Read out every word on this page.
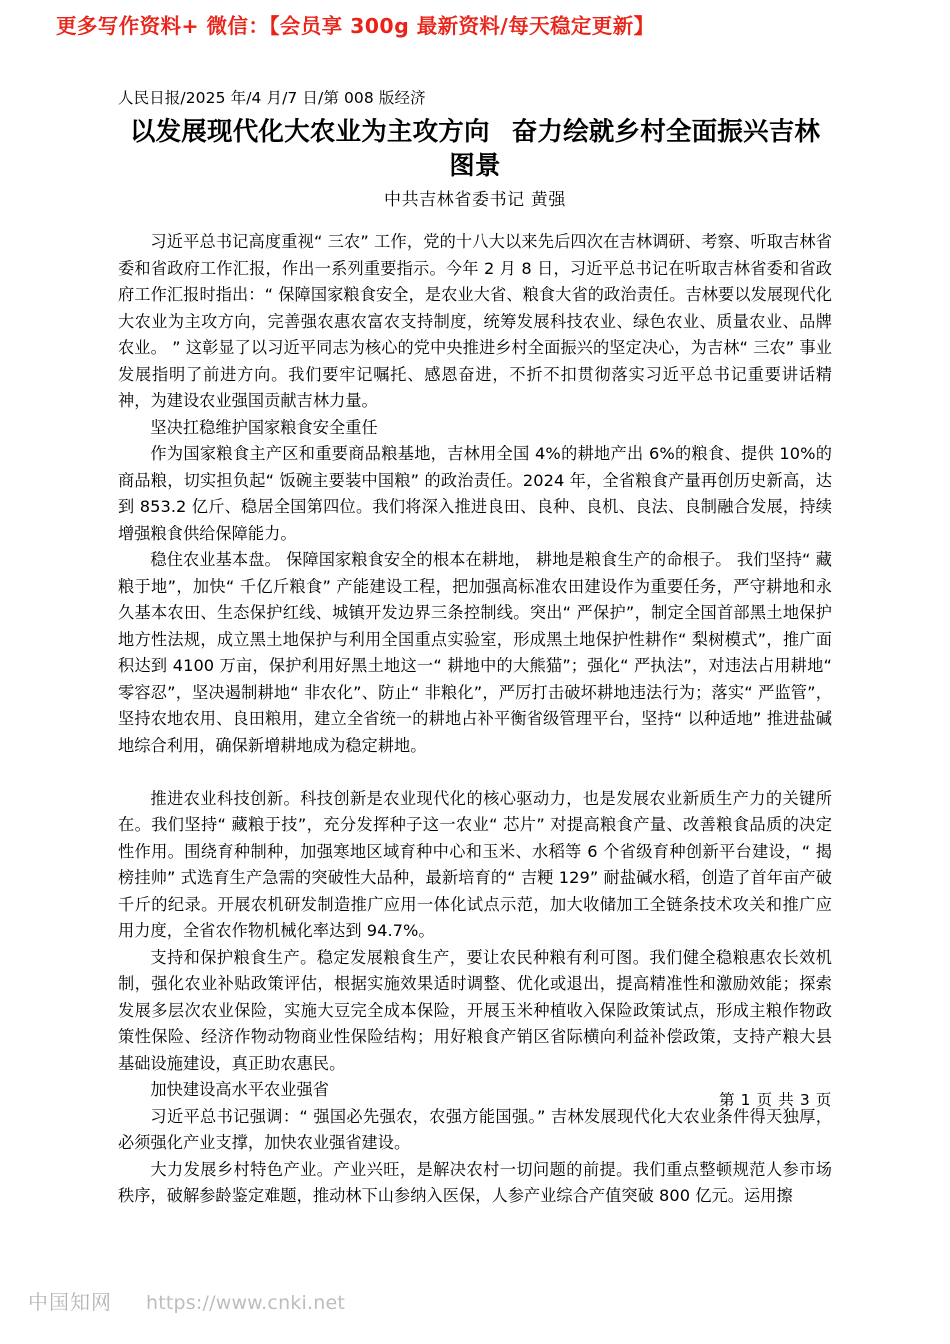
更多写作资料+ 微信：【会员享 300g 最新资料/每天稳定更新】
人民日报/2025 年/4 月/7 日/第 008 版经济
以发展现代化大农业为主攻方向 奋力绘就乡村全面振兴吉林图景
中共吉林省委书记 黄强

习近平总书记高度重视“ 三农” 工作，党的十八大以来先后四次在吉林调研、考察、听取吉林省委和省政府工作汇报，作出一系列重要指示。今年 2 月 8 日，习近平总书记在听取吉林省委和省政府工作汇报时指出：“ 保障国家粮食安全，是农业大省、粮食大省的政治责任。吉林要以发展现代化大农业为主攻方向，完善强农惠农富农支持制度，统筹发展科技农业、绿色农业、质量农业、品牌农业。 ” 这彰显了以习近平同志为核心的党中央推进乡村全面振兴的坚定决心，为吉林“ 三农” 事业发展指明了前进方向。我们要牢记嘱托、感恩奋进，不折不扣贯彻落实习近平总书记重要讲话精神，为建设农业强国贡献吉林力量。

坚决扛稳维护国家粮食安全重任

作为国家粮食主产区和重要商品粮基地，吉林用全国 4%的耕地产出 6%的粮食、提供 10%的商品粮，切实担负起“ 饭碗主要装中国粮” 的政治责任。2024 年，全省粮食产量再创历史新高，达到 853.2 亿斤、稳居全国第四位。我们将深入推进良田、良种、良机、良法、良制融合发展，持续增强粮食供给保障能力。

稳住农业基本盘。 保障国家粮食安全的根本在耕地， 耕地是粮食生产的命根子。 我们坚持“ 藏粮于地”，加快“ 千亿斤粮食” 产能建设工程，把加强高标准农田建设作为重要任务，严守耕地和永久基本农田、生态保护红线、城镇开发边界三条控制线。突出“ 严保护”，制定全国首部黑土地保护地方性法规，成立黑土地保护与利用全国重点实验室，形成黑土地保护性耕作“ 梨树模式”，推广面积达到 4100 万亩，保护利用好黑土地这一“ 耕地中的大熊猫”；强化“ 严执法”，对违法占用耕地“ 零容忍”，坚决遏制耕地“ 非农化”、防止“ 非粮化”，严厉打击破坏耕地违法行为；落实“ 严监管”，坚持农地农用、良田粮用，建立全省统一的耕地占补平衡省级管理平台，坚持“ 以种适地” 推进盐碱地综合利用，确保新增耕地成为稳定耕地。

推进农业科技创新。科技创新是农业现代化的核心驱动力，也是发展农业新质生产力的关键所在。我们坚持“ 藏粮于技”，充分发挥种子这一农业“ 芯片” 对提高粮食产量、改善粮食品质的决定性作用。围绕育种制种，加强寒地区域育种中心和玉米、水稻等 6 个省级育种创新平台建设，“ 揭榜挂帅” 式选育生产急需的突破性大品种，最新培育的“ 吉粳 129” 耐盐碱水稻，创造了首年亩产破千斤的纪录。开展农机研发制造推广应用一体化试点示范，加大收储加工全链条技术攻关和推广应用力度，全省农作物机械化率达到 94.7%。

支持和保护粮食生产。稳定发展粮食生产，要让农民种粮有利可图。我们健全稳粮惠农长效机制，强化农业补贴政策评估，根据实施效果适时调整、优化或退出，提高精准性和激励效能；探索发展多层次农业保险，实施大豆完全成本保险，开展玉米种植收入保险政策试点，形成主粮作物政策性保险、经济作物动物商业性保险结构；用好粮食产销区省际横向利益补偿政策，支持产粮大县基础设施建设，真正助农惠民。

加快建设高水平农业强省

习近平总书记强调：“ 强国必先强农，农强方能国强。” 吉林发展现代化大农业条件得天独厚，必须强化产业支撑，加快农业强省建设。

大力发展乡村特色产业。产业兴旺，是解决农村一切问题的前提。我们重点整顿规范人参市场秩序，破解参龄鉴定难题，推动林下山参纳入医保，人参产业综合产值突破 800 亿元。运用擦

第 1 页 共 3 页
中国知网 https://www.cnki.net
